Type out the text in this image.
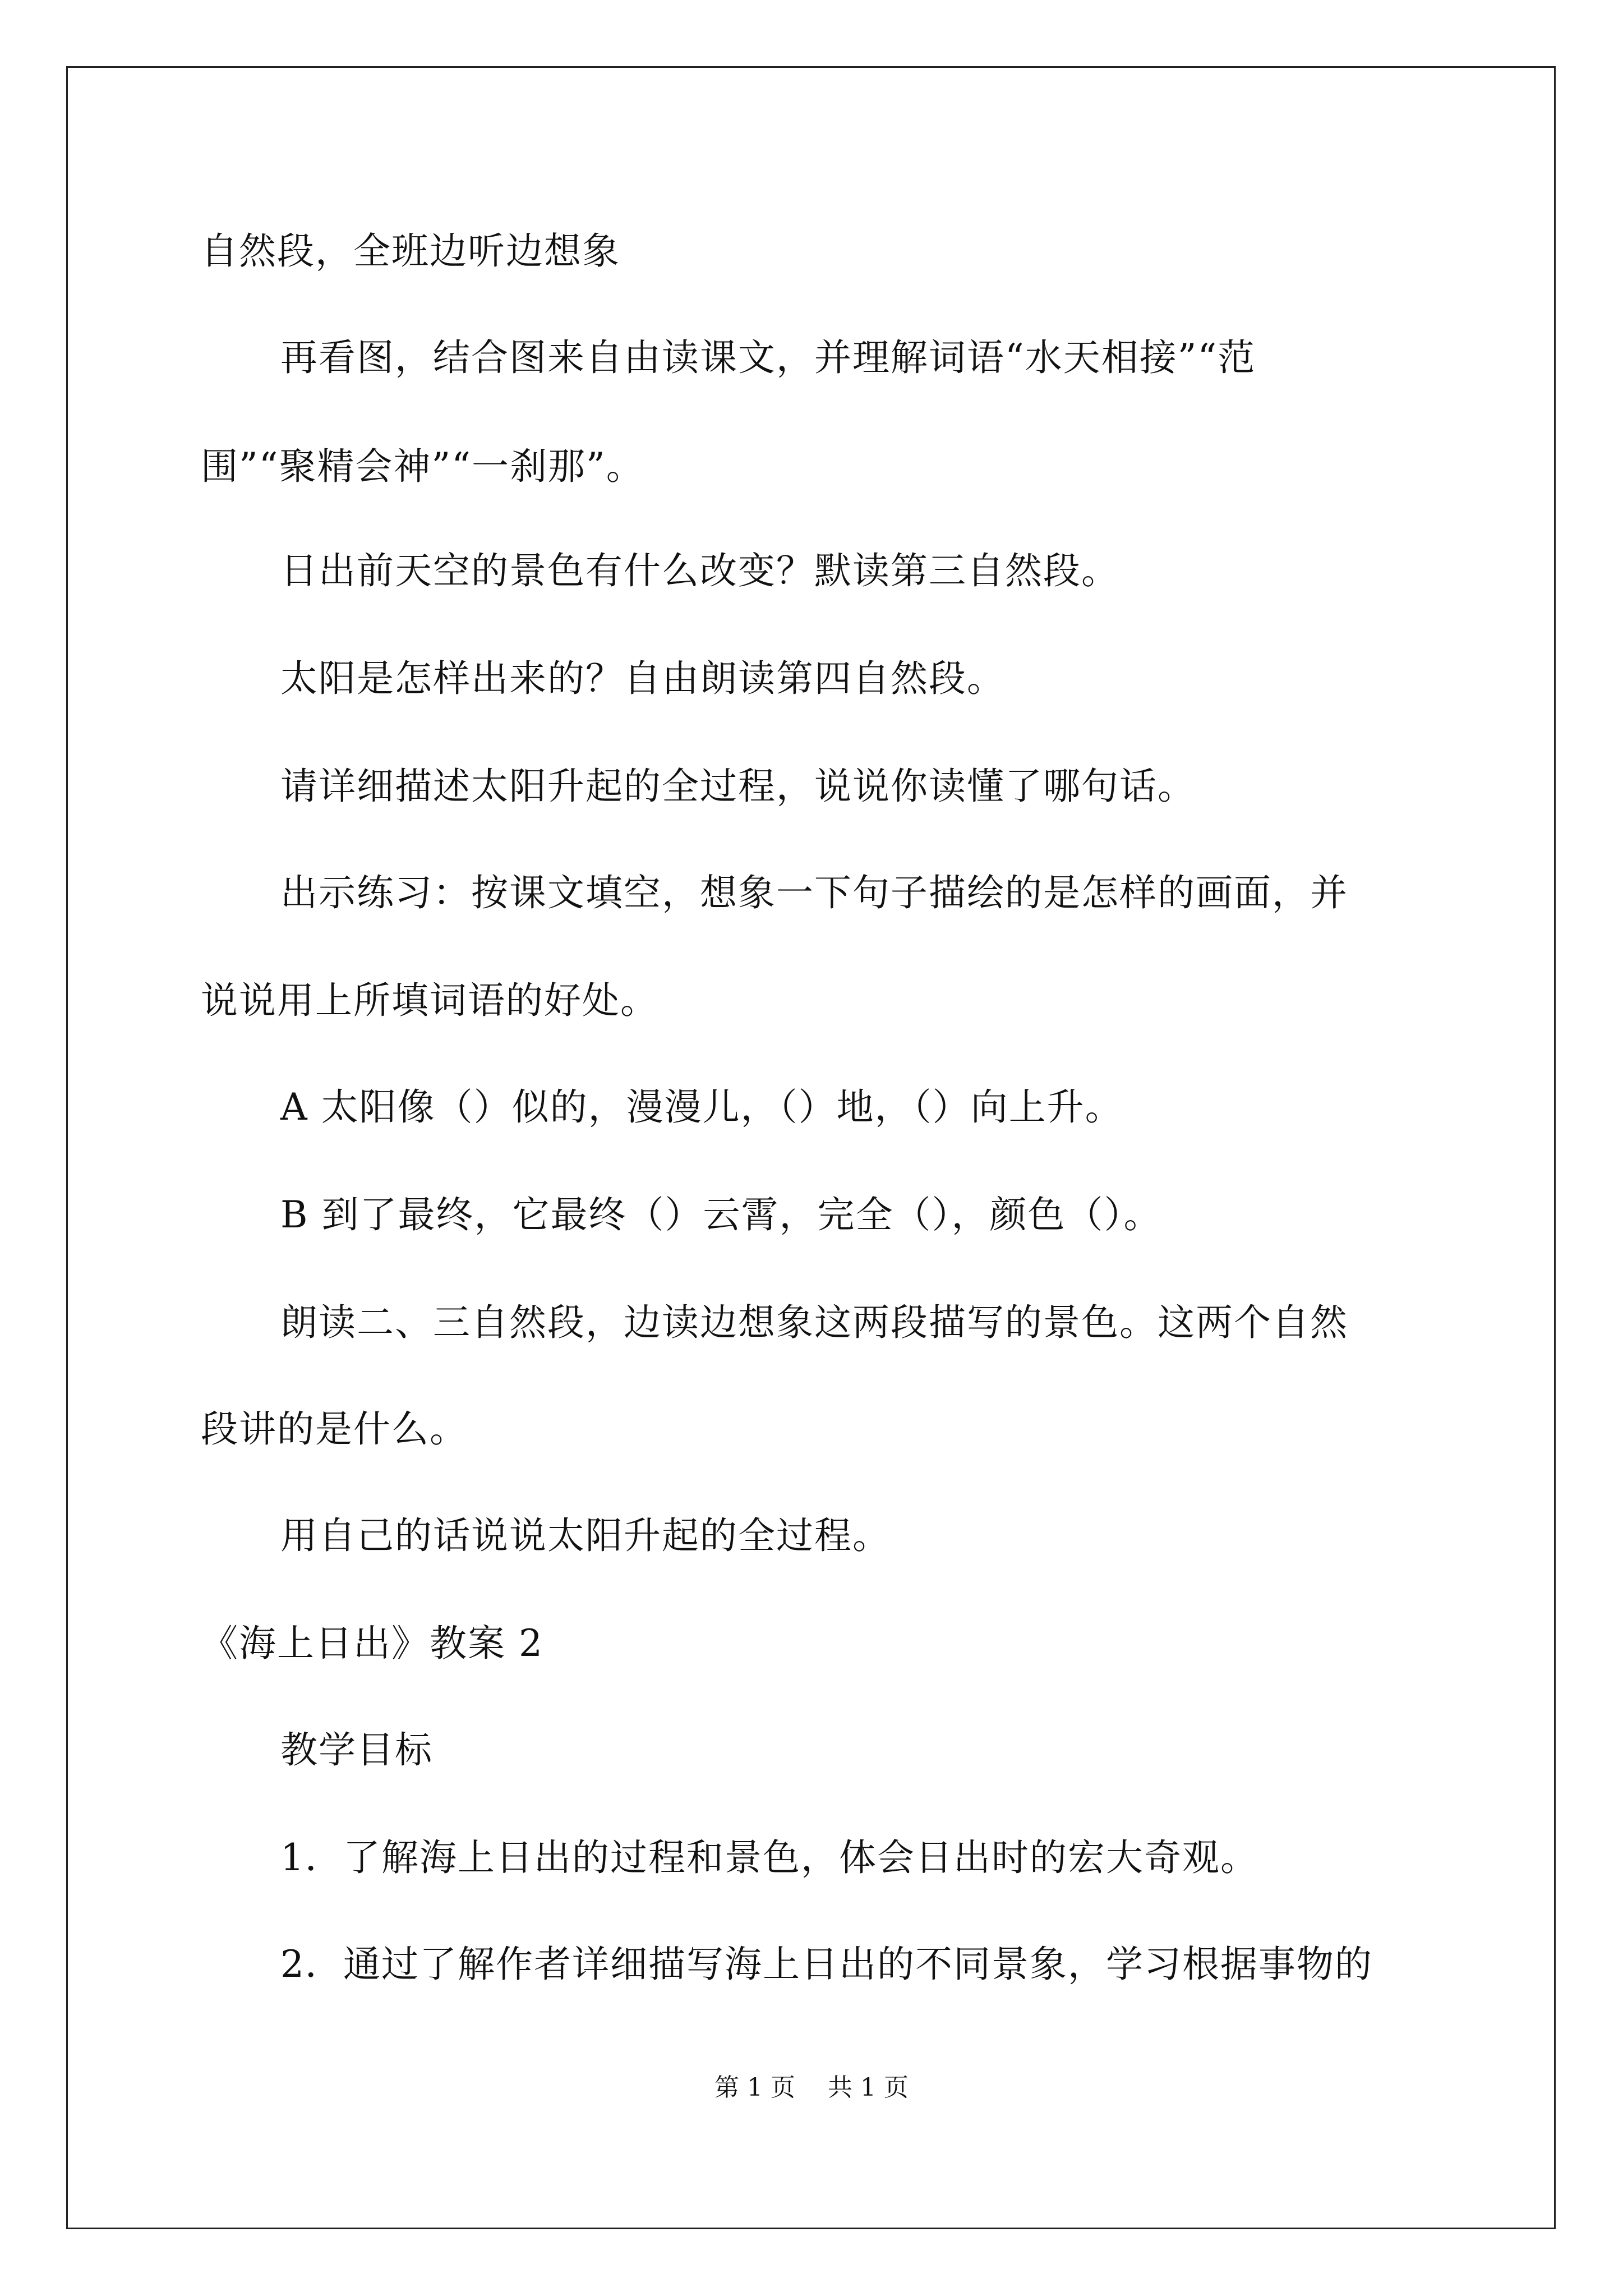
自然段，全班边听边想象
再看图，结合图来自由读课文，并理解词语“水天相接”“范
围”“聚精会神”“一刹那”。
日出前天空的景色有什么改变？默读第三自然段。
太阳是怎样出来的？自由朗读第四自然段。
请详细描述太阳升起的全过程，说说你读懂了哪句话。
出示练习：按课文填空，想象一下句子描绘的是怎样的画面，并
说说用上所填词语的好处。
A 太阳像（）似的，漫漫儿，（）地，（）向上升。
B 到了最终，它最终（）云霄，完全（），颜色（）。
朗读二、三自然段，边读边想象这两段描写的景色。这两个自然
段讲的是什么。
用自己的话说说太阳升起的全过程。
《海上日出》教案 2
教学目标
1．了解海上日出的过程和景色，体会日出时的宏大奇观。
2．通过了解作者详细描写海上日出的不同景象，学习根据事物的
第 1 页　 共 1 页
